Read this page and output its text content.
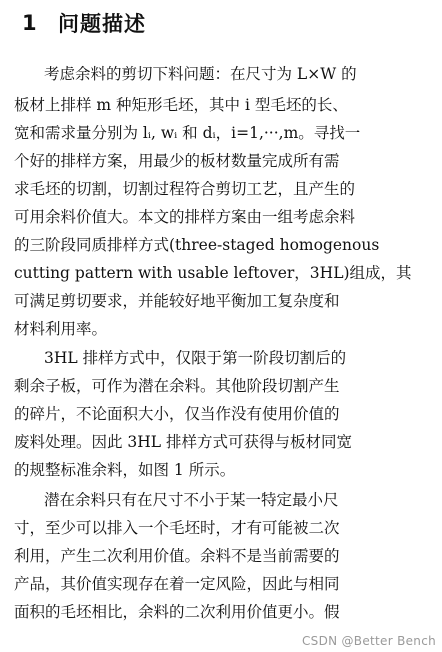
1 问题描述
考虑余料的剪切下料问题：在尺寸为 L×W 的
板材上排样 m 种矩形毛坯，其中 i 型毛坯的长、
宽和需求量分别为 lᵢ, wᵢ 和 dᵢ，i=1,···,m。寻找一
个好的排样方案，用最少的板材数量完成所有需
求毛坯的切割，切割过程符合剪切工艺，且产生的
可用余料价值大。本文的排样方案由一组考虑余料
的三阶段同质排样方式(three-staged homogenous
cutting pattern with usable leftover，3HL)组成，其
可满足剪切要求，并能较好地平衡加工复杂度和
材料利用率。
3HL 排样方式中，仅限于第一阶段切割后的
剩余子板，可作为潜在余料。其他阶段切割产生
的碎片，不论面积大小，仅当作没有使用价值的
废料处理。因此 3HL 排样方式可获得与板材同宽
的规整标准余料，如图 1 所示。
潜在余料只有在尺寸不小于某一特定最小尺
寸，至少可以排入一个毛坯时，才有可能被二次
利用，产生二次利用价值。余料不是当前需要的
产品，其价值实现存在着一定风险，因此与相同
面积的毛坯相比，余料的二次利用价值更小。假
CSDN @Better Bench
